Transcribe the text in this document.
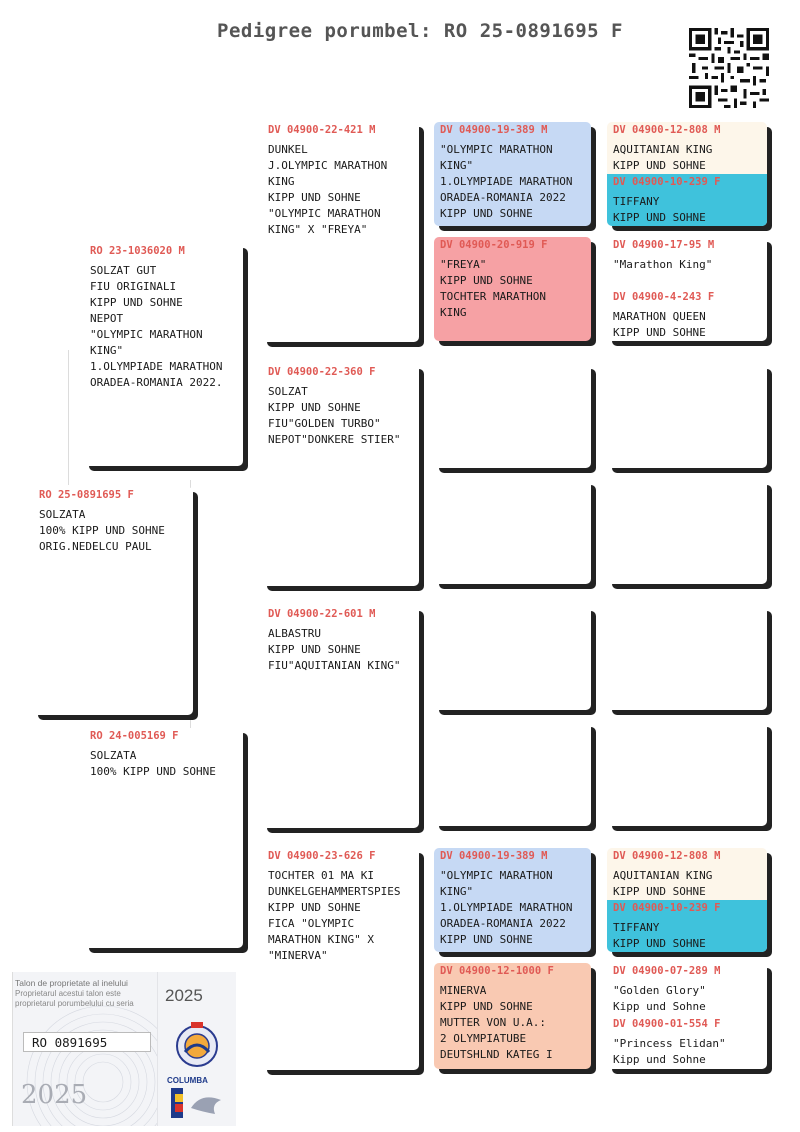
Pedigree porumbel: RO 25-0891695 F
RO 25-0891695 F
SOLZATA
100% KIPP UND SOHNE
ORIG.NEDELCU PAUL
RO 23-1036020 M
SOLZAT GUT
FIU ORIGINALI
KIPP UND SOHNE
NEPOT
"OLYMPIC MARATHON
KING"
1.OLYMPIADE MARATHON
ORADEA-ROMANIA 2022.
RO 24-005169 F
SOLZATA
100% KIPP UND SOHNE
DV 04900-22-421 M
DUNKEL
J.OLYMPIC MARATHON
KING
KIPP UND SOHNE
"OLYMPIC MARATHON
KING" X "FREYA"
DV 04900-22-360 F
SOLZAT
KIPP UND SOHNE
FIU"GOLDEN TURBO"
NEPOT"DONKERE STIER"
DV 04900-22-601 M
ALBASTRU
KIPP UND SOHNE
FIU"AQUITANIAN KING"
DV 04900-23-626 F
TOCHTER 01 MA KI
DUNKELGEHAMMERTSPIES
KIPP UND SOHNE
FICA "OLYMPIC
MARATHON KING" X
"MINERVA"
DV 04900-19-389 M
"OLYMPIC MARATHON
KING"
1.OLYMPIADE MARATHON
ORADEA-ROMANIA 2022
KIPP UND SOHNE
DV 04900-20-919 F
"FREYA"
KIPP UND SOHNE
TOCHTER MARATHON
KING
DV 04900-19-389 M
"OLYMPIC MARATHON
KING"
1.OLYMPIADE MARATHON
ORADEA-ROMANIA 2022
KIPP UND SOHNE
DV 04900-12-1000 F
MINERVA
KIPP UND SOHNE
MUTTER VON U.A.:
2 OLYMPIATUBE
DEUTSHLND KATEG I
DV 04900-12-808 M
AQUITANIAN KING
KIPP UND SOHNE
DV 04900-10-239 F
TIFFANY
KIPP UND SOHNE
DV 04900-17-95 M
"Marathon King"
DV 04900-4-243 F
MARATHON QUEEN
KIPP UND SOHNE
DV 04900-12-808 M
AQUITANIAN KING
KIPP UND SOHNE
DV 04900-10-239 F
TIFFANY
KIPP UND SOHNE
DV 04900-07-289 M
"Golden Glory"
Kipp und Sohne
DV 04900-01-554 F
"Princess Elidan"
Kipp und Sohne
Talon de proprietate al inelului
Proprietarul acestui talon este
proprietarul porumbelului cu seria
RO 0891695
2025
2025
COLUMBA
